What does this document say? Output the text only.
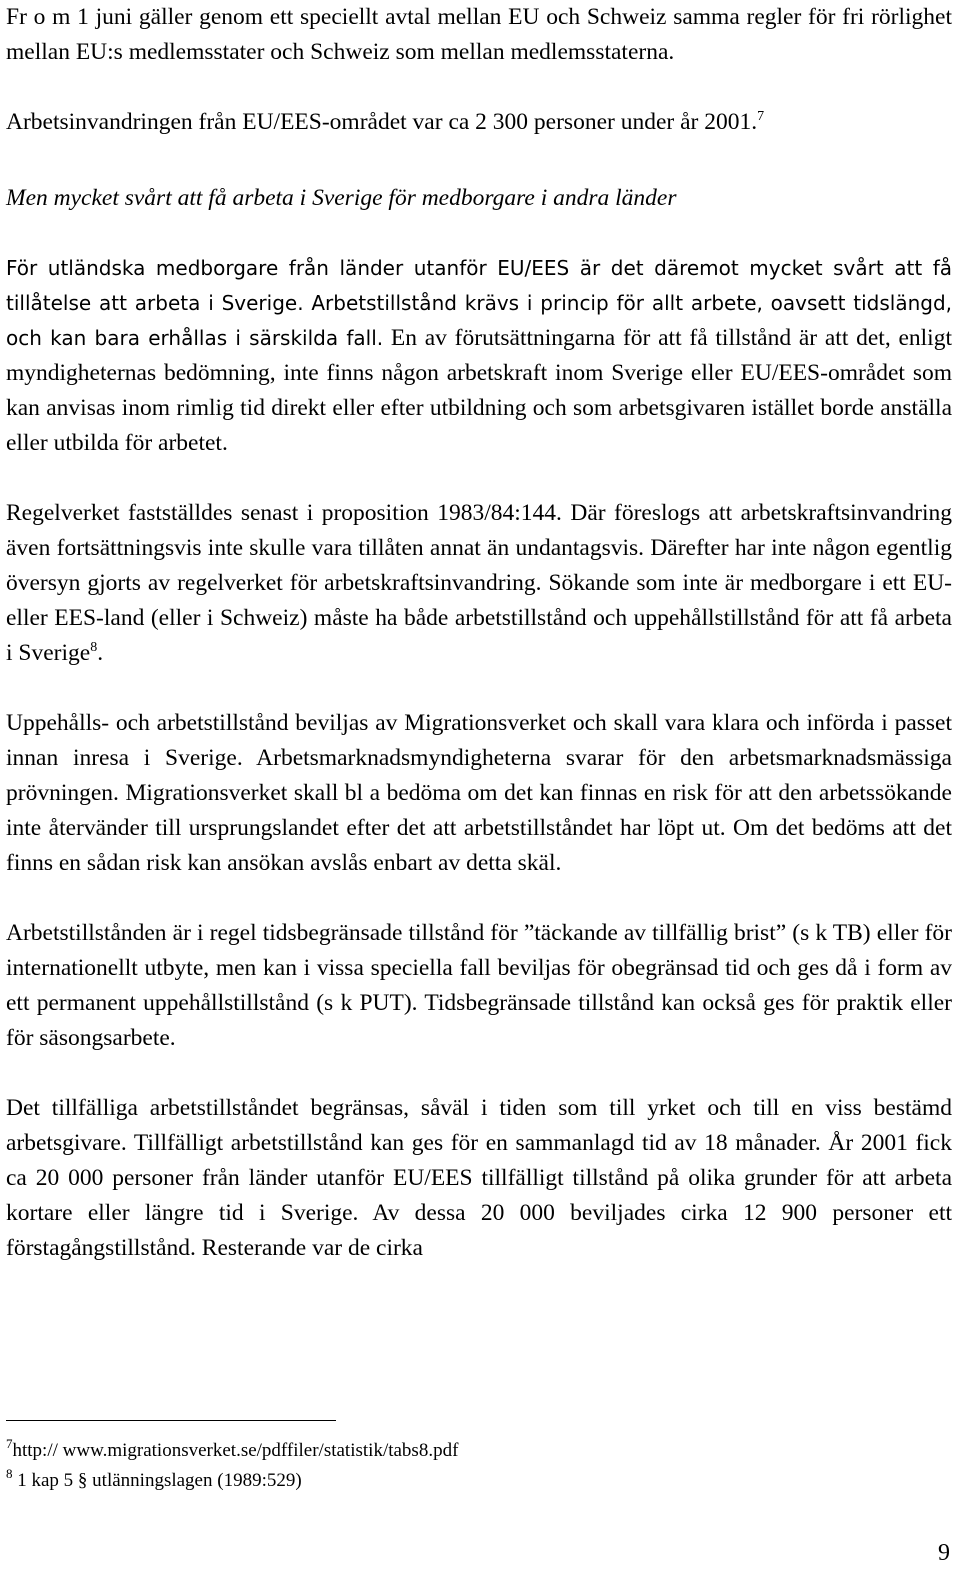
Fr o m 1 juni gäller genom ett speciellt avtal mellan EU och Schweiz samma regler för fri rörlighet mellan EU:s medlemsstater och Schweiz som mellan medlemsstaterna.

Arbetsinvandringen från EU/EES-området var ca 2 300 personer under år 2001.$^7$

Men mycket svårt att få arbeta i Sverige för medborgare i andra länder

För utländska medborgare från länder utanför EU/EES är det däremot mycket svårt att få tillåtelse att arbeta i Sverige. Arbetstillstånd krävs i princip för allt arbete, oavsett tidslängd, och kan bara erhållas i särskilda fall. En av förutsättningarna för att få tillstånd är att det, enligt myndigheternas bedömning, inte finns någon arbetskraft inom Sverige eller EU/EES-området som kan anvisas inom rimlig tid direkt eller efter utbildning och som arbetsgivaren istället borde anställa eller utbilda för arbetet.

Regelverket fastställdes senast i proposition 1983/84:144. Där föreslogs att arbetskraftsinvandring även fortsättningsvis inte skulle vara tillåten annat än undantagsvis. Därefter har inte någon egentlig översyn gjorts av regelverket för arbetskraftsinvandring. Sökande som inte är medborgare i ett EU- eller EES-land (eller i Schweiz) måste ha både arbetstillstånd och uppehållstillstånd för att få arbeta i Sverige$^8$.

Uppehålls- och arbetstillstånd beviljas av Migrationsverket och skall vara klara och införda i passet innan inresa i Sverige. Arbetsmarknadsmyndigheterna svarar för den arbetsmarknadsmässiga prövningen. Migrationsverket skall bl a bedöma om det kan finnas en risk för att den arbetssökande inte återvänder till ursprungslandet efter det att arbetstillståndet har löpt ut. Om det bedöms att det finns en sådan risk kan ansökan avslås enbart av detta skäl.

Arbetstillstånden är i regel tidsbegränsade tillstånd för ”täckande av tillfällig brist” (s k TB) eller för internationellt utbyte, men kan i vissa speciella fall beviljas för obegränsad tid och ges då i form av ett permanent uppehållstillstånd (s k PUT). Tidsbegränsade tillstånd kan också ges för praktik eller för säsongsarbete.

Det tillfälliga arbetstillståndet begränsas, såväl i tiden som till yrket och till en viss bestämd arbetsgivare. Tillfälligt arbetstillstånd kan ges för en sammanlagd tid av 18 månader. År 2001 fick ca 20 000 personer från länder utanför EU/EES tillfälligt tillstånd på olika grunder för att arbeta kortare eller längre tid i Sverige. Av dessa 20 000 beviljades cirka 12 900 personer ett förstagångstillstånd. Resterande var de cirka

$^7$http:// www.migrationsverket.se/pdffiler/statistik/tabs8.pdf
$^8$ 1 kap 5 § utlänningslagen (1989:529)
9
